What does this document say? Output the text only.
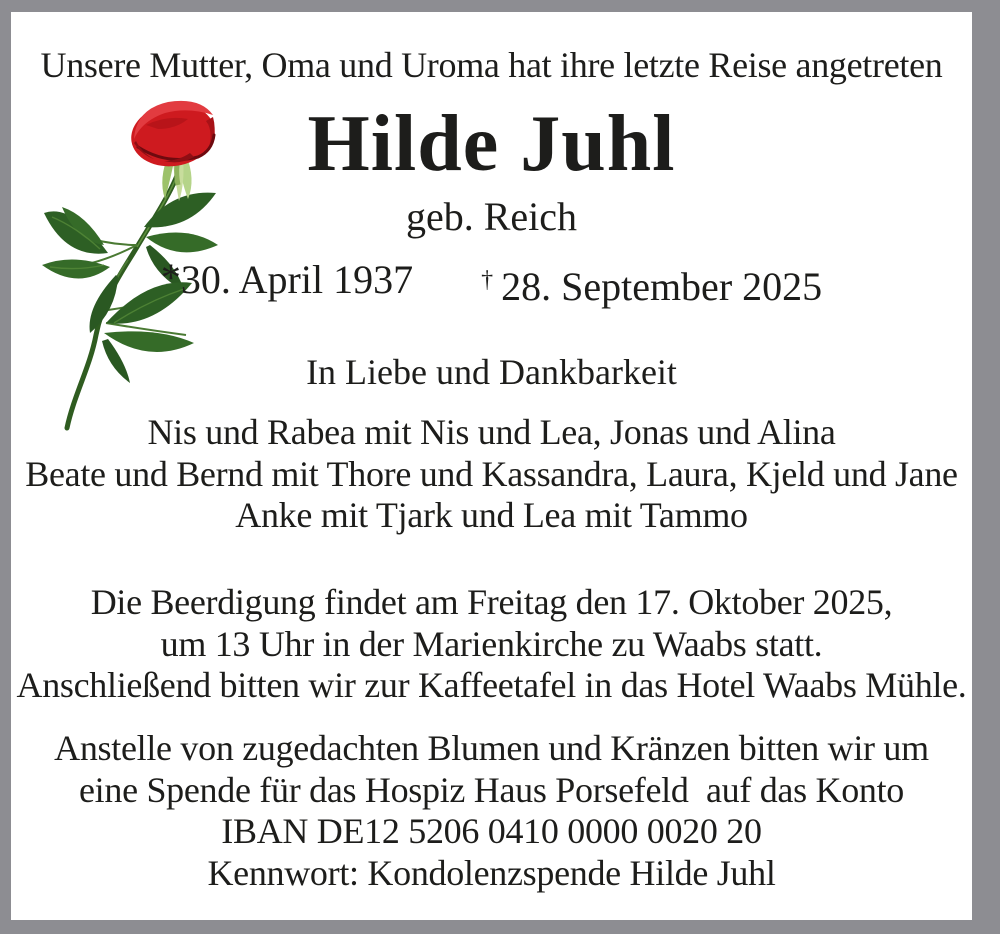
Unsere Mutter, Oma und Uroma hat ihre letzte Reise angetreten
Hilde Juhl
geb. Reich
*30. April 1937	† 28. September 2025
In Liebe und Dankbarkeit
Nis und Rabea mit Nis und Lea, Jonas und Alina
Beate und Bernd mit Thore und Kassandra, Laura, Kjeld und Jane
Anke mit Tjark und Lea mit Tammo
Die Beerdigung findet am Freitag den 17. Oktober 2025,
um 13 Uhr in der Marienkirche zu Waabs statt.
Anschließend bitten wir zur Kaffeetafel in das Hotel Waabs Mühle.
Anstelle von zugedachten Blumen und Kränzen bitten wir um
eine Spende für das Hospiz Haus Porsefeld  auf das Konto
IBAN DE12 5206 0410 0000 0020 20
Kennwort: Kondolenzspende Hilde Juhl
